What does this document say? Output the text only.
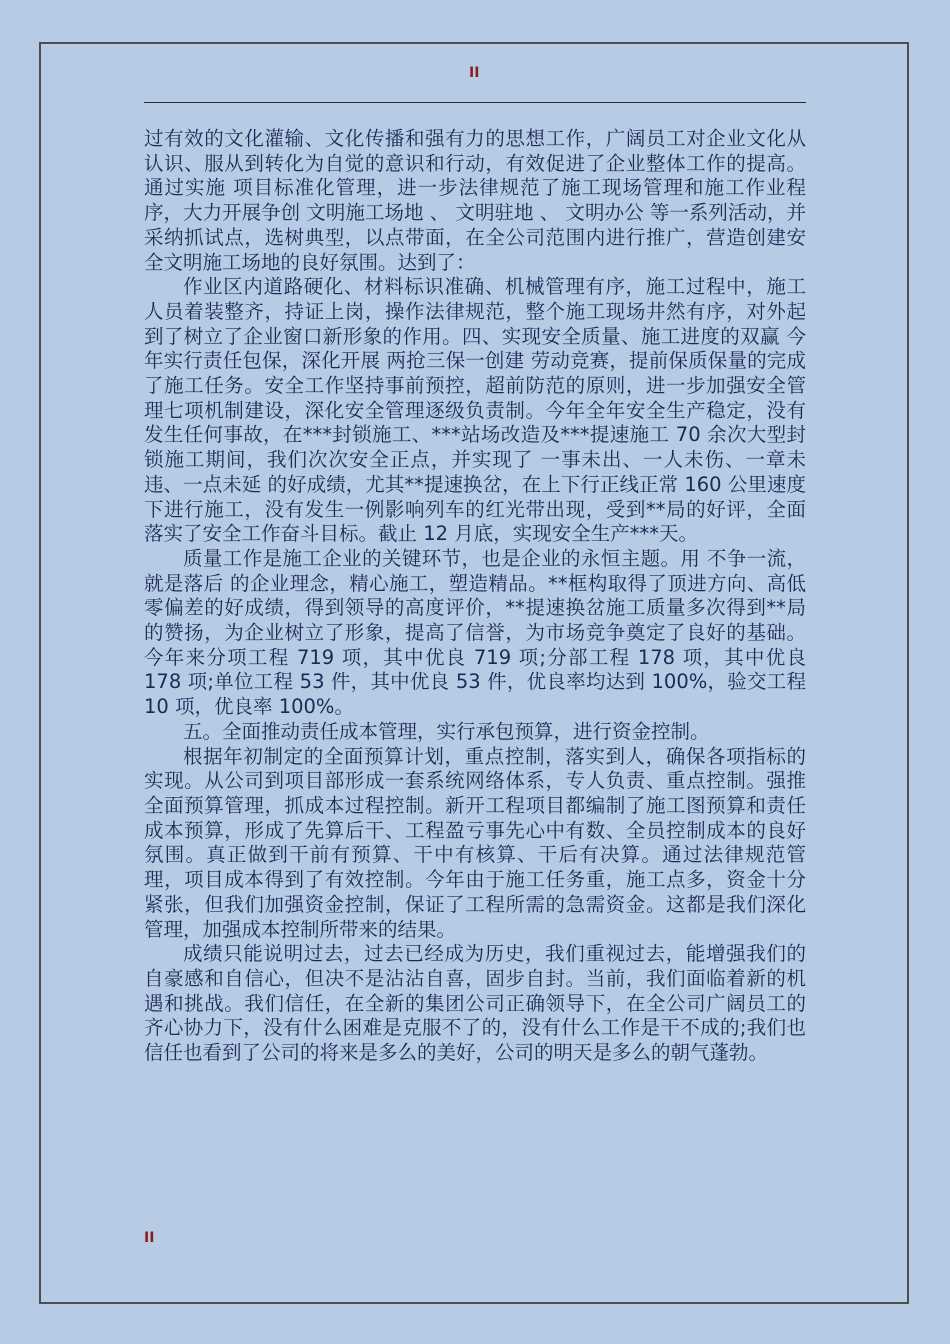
II

过有效的文化灌输、文化传播和强有力的思想工作，广阔员工对企业文化从认识、服从到转化为自觉的意识和行动，有效促进了企业整体工作的提高。通过实施 项目标准化管理，进一步法律规范了施工现场管理和施工作业程序，大力开展争创 文明施工场地 、 文明驻地 、 文明办公 等一系列活动，并采纳抓试点，选树典型，以点带面，在全公司范围内进行推广，营造创建安全文明施工场地的良好氛围。达到了：

作业区内道路硬化、材料标识准确、机械管理有序，施工过程中，施工人员着装整齐，持证上岗，操作法律规范，整个施工现场井然有序，对外起到了树立了企业窗口新形象的作用。四、实现安全质量、施工进度的双赢 今年实行责任包保，深化开展 两抢三保一创建 劳动竞赛，提前保质保量的完成了施工任务。安全工作坚持事前预控，超前防范的原则，进一步加强安全管理七项机制建设，深化安全管理逐级负责制。今年全年安全生产稳定，没有发生任何事故，在***封锁施工、***站场改造及***提速施工 70 余次大型封锁施工期间，我们次次安全正点，并实现了 一事未出、一人未伤、一章未违、一点未延 的好成绩，尤其**提速换岔，在上下行正线正常 160 公里速度下进行施工，没有发生一例影响列车的红光带出现，受到**局的好评，全面落实了安全工作奋斗目标。截止 12 月底，实现安全生产***天。

质量工作是施工企业的关键环节，也是企业的永恒主题。用 不争一流，就是落后 的企业理念，精心施工，塑造精品。**框构取得了顶进方向、高低零偏差的好成绩，得到领导的高度评价，**提速换岔施工质量多次得到**局的赞扬，为企业树立了形象，提高了信誉，为市场竞争奠定了良好的基础。今年来分项工程 719 项，其中优良 719 项;分部工程 178 项，其中优良 178 项;单位工程 53 件，其中优良 53 件，优良率均达到 100%，验交工程 10 项，优良率 100%。

五。全面推动责任成本管理，实行承包预算，进行资金控制。

根据年初制定的全面预算计划，重点控制，落实到人，确保各项指标的实现。从公司到项目部形成一套系统网络体系，专人负责、重点控制。强推全面预算管理，抓成本过程控制。新开工程项目都编制了施工图预算和责任成本预算，形成了先算后干、工程盈亏事先心中有数、全员控制成本的良好氛围。真正做到干前有预算、干中有核算、干后有决算。通过法律规范管理，项目成本得到了有效控制。今年由于施工任务重，施工点多，资金十分紧张，但我们加强资金控制，保证了工程所需的急需资金。这都是我们深化管理，加强成本控制所带来的结果。

成绩只能说明过去，过去已经成为历史，我们重视过去，能增强我们的自豪感和自信心，但决不是沾沾自喜，固步自封。当前，我们面临着新的机遇和挑战。我们信任，在全新的集团公司正确领导下，在全公司广阔员工的齐心协力下，没有什么困难是克服不了的，没有什么工作是干不成的;我们也信任也看到了公司的将来是多么的美好，公司的明天是多么的朝气蓬勃。

II
